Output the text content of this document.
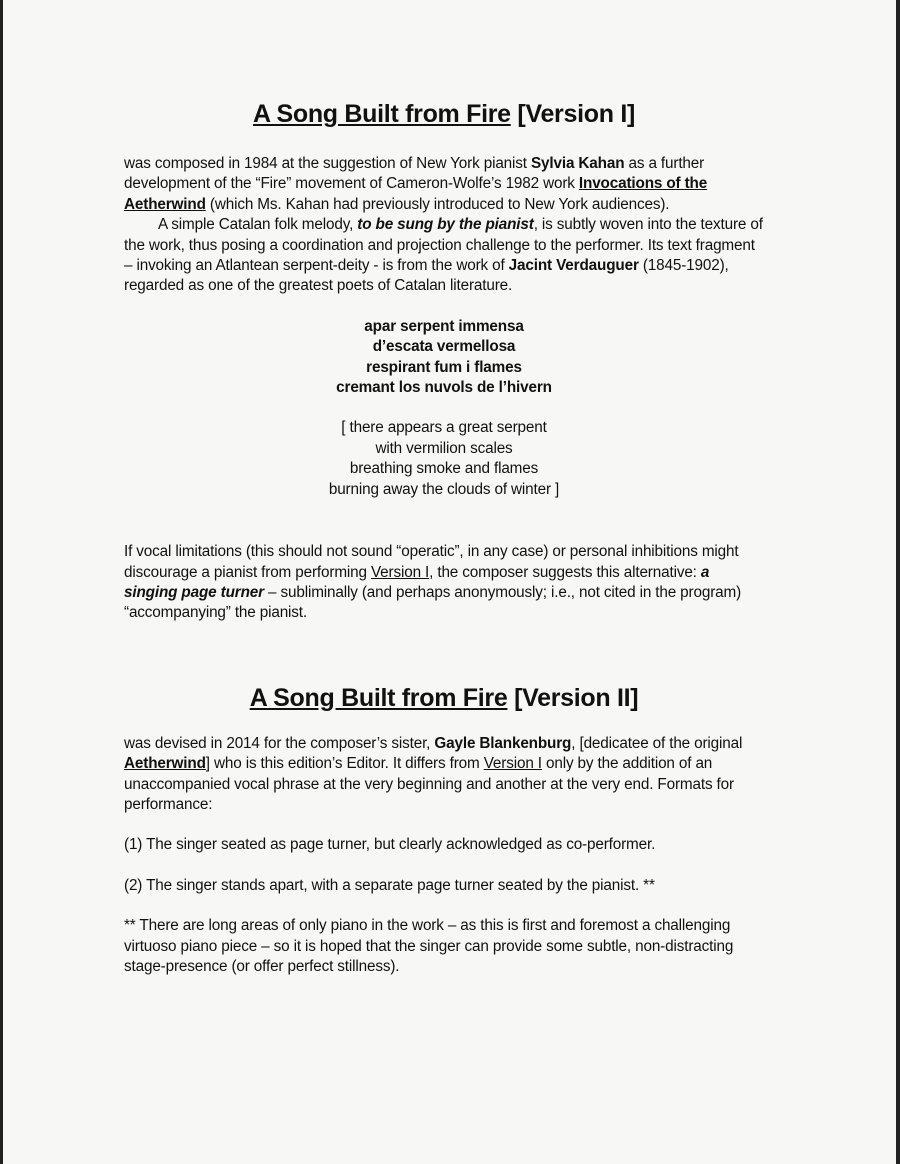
A Song Built from Fire [Version I]

was composed in 1984 at the suggestion of New York pianist Sylvia Kahan as a further development of the “Fire” movement of Cameron-Wolfe’s 1982 work Invocations of the Aetherwind (which Ms. Kahan had previously introduced to New York audiences).

A simple Catalan folk melody, to be sung by the pianist, is subtly woven into the texture of the work, thus posing a coordination and projection challenge to the performer. Its text fragment – invoking an Atlantean serpent-deity - is from the work of Jacint Verdauguer (1845-1902), regarded as one of the greatest poets of Catalan literature.

apar serpent immensa
d’escata vermellosa
respirant fum i flames
cremant los nuvols de l’hivern
[ there appears a great serpent
with vermilion scales
breathing smoke and flames
burning away the clouds of winter ]

If vocal limitations (this should not sound “operatic”, in any case) or personal inhibitions might discourage a pianist from performing Version I, the composer suggests this alternative: a singing page turner – subliminally (and perhaps anonymously; i.e., not cited in the program) “accompanying” the pianist.

A Song Built from Fire [Version II]

was devised in 2014 for the composer’s sister, Gayle Blankenburg, [dedicatee of the original Aetherwind] who is this edition’s Editor. It differs from Version I only by the addition of an unaccompanied vocal phrase at the very beginning and another at the very end. Formats for performance:

(1) The singer seated as page turner, but clearly acknowledged as co-performer.

(2) The singer stands apart, with a separate page turner seated by the pianist. **

** There are long areas of only piano in the work – as this is first and foremost a challenging virtuoso piano piece – so it is hoped that the singer can provide some subtle, non-distracting stage-presence (or offer perfect stillness).
